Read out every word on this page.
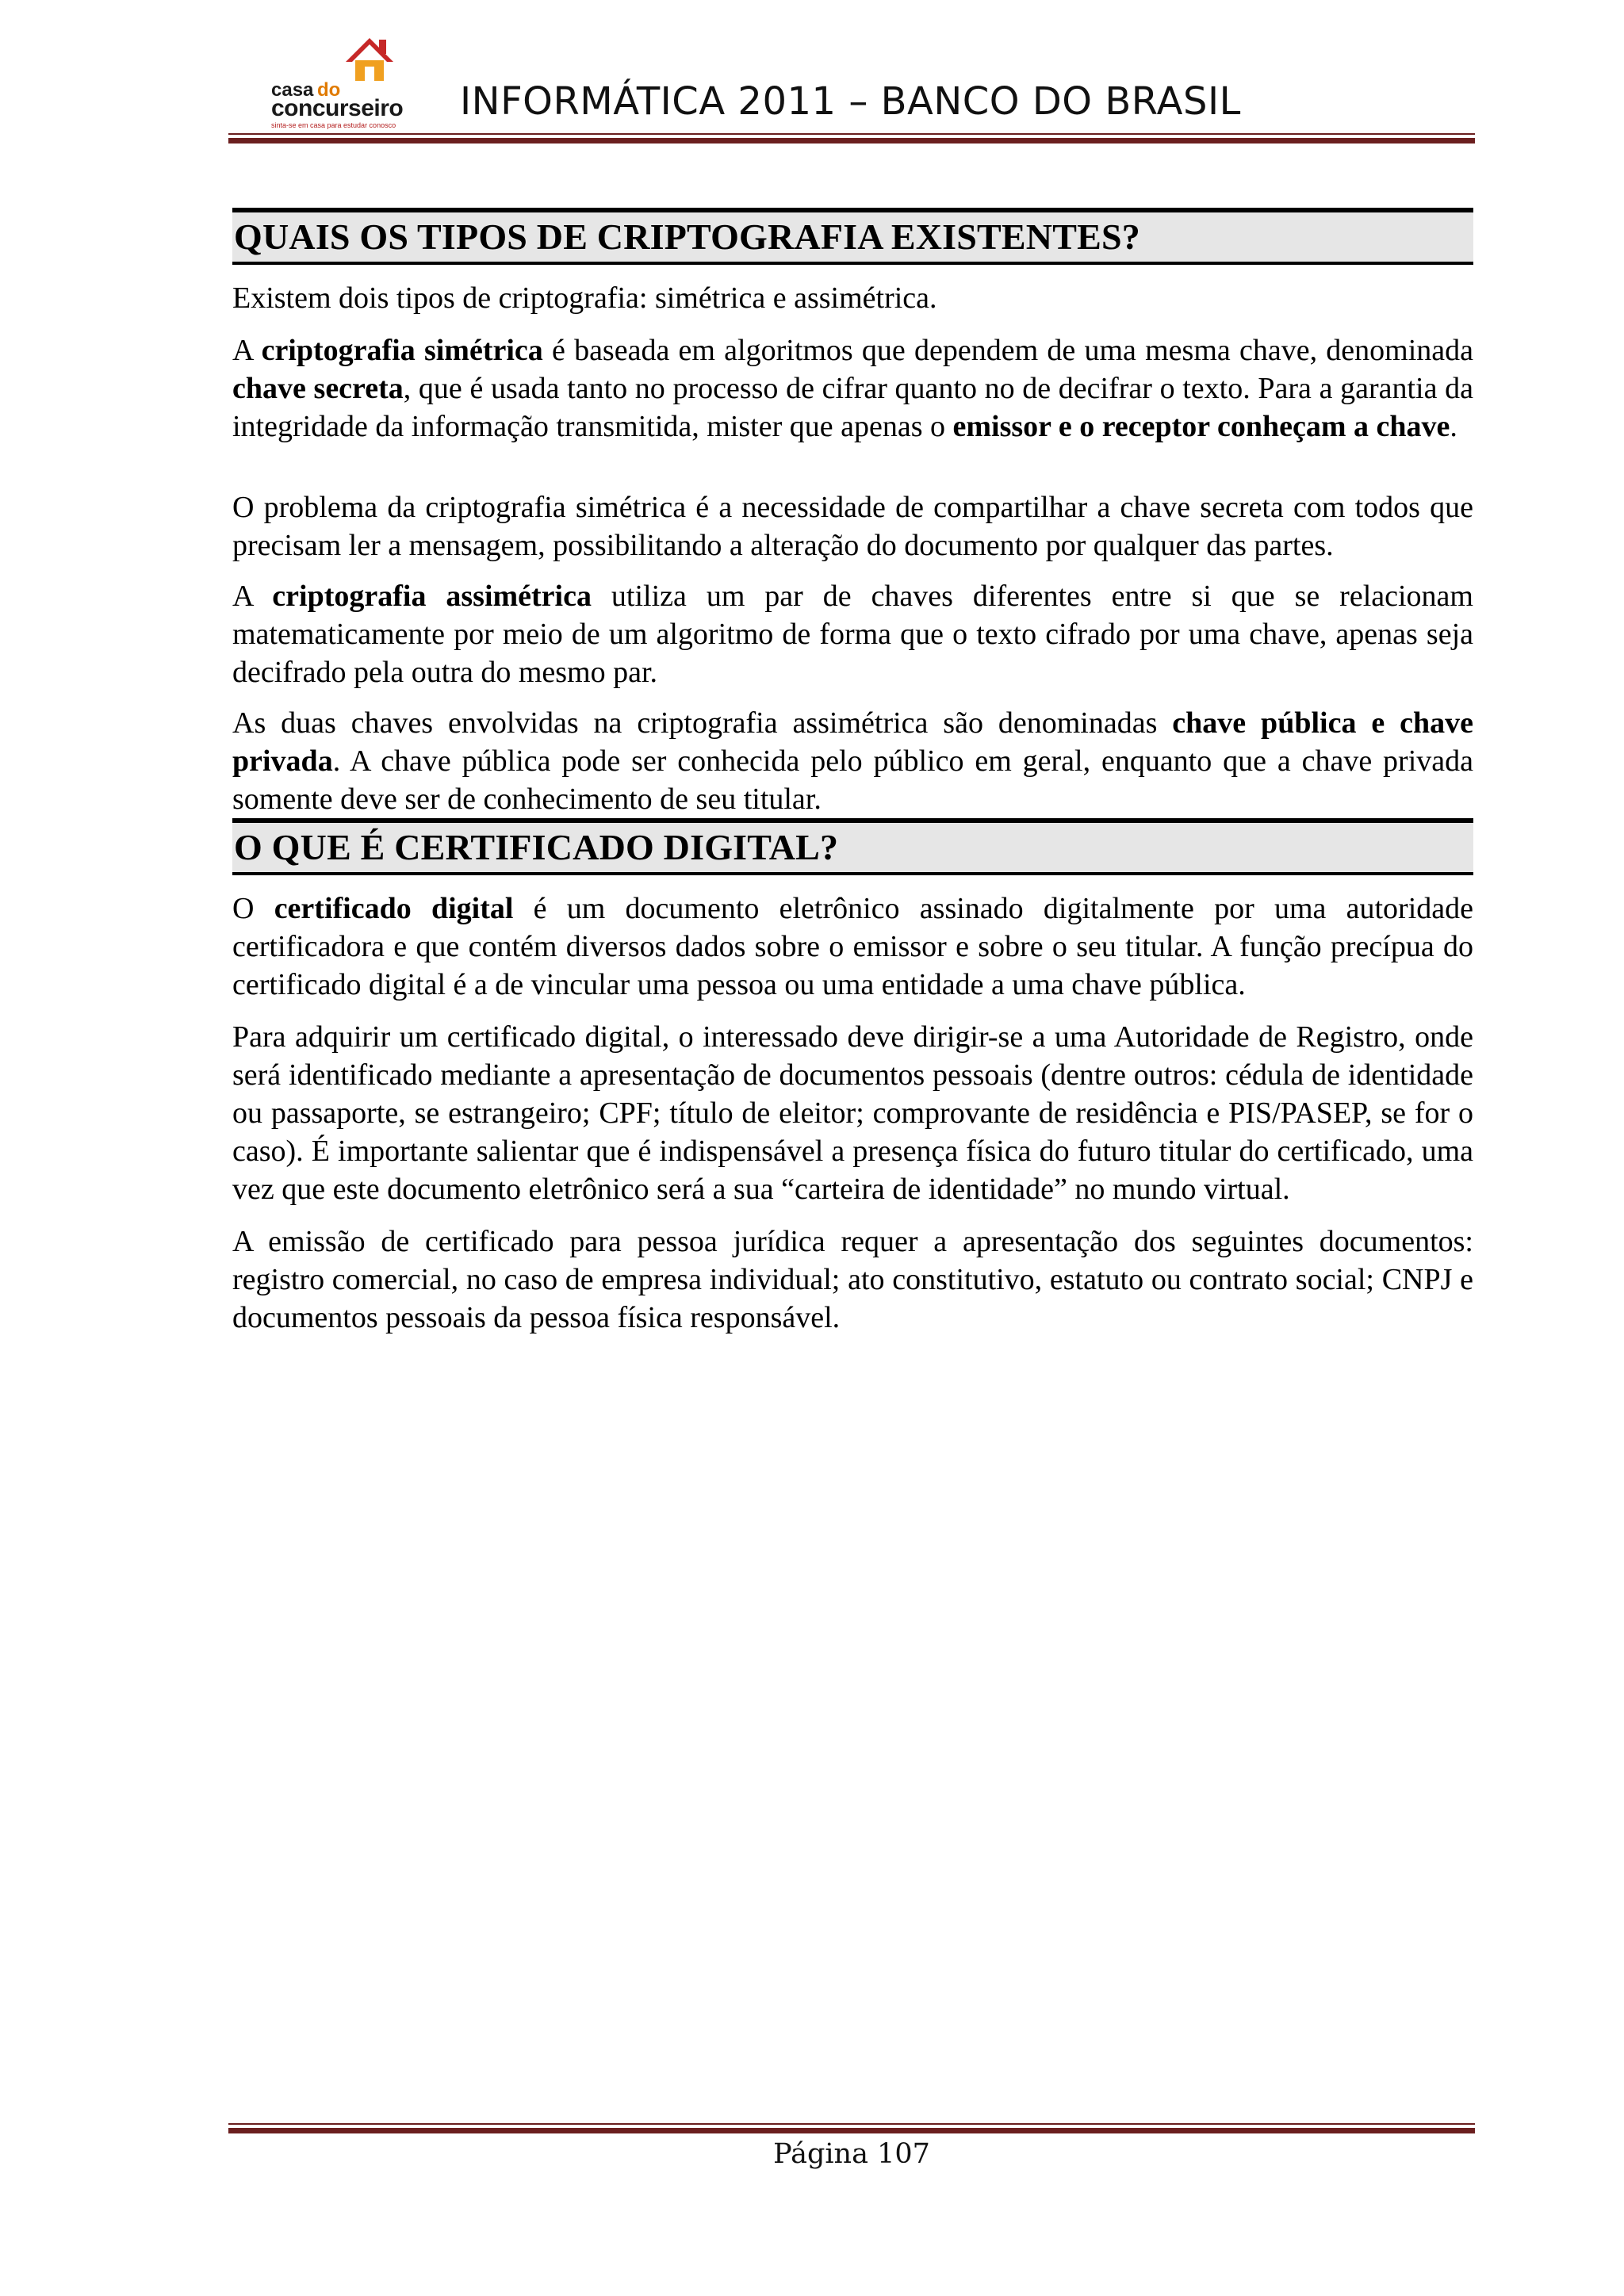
casa do
concurseiro
sinta-se em casa para estudar conosco
INFORMÁTICA 2011 – BANCO DO BRASIL
QUAIS OS TIPOS DE CRIPTOGRAFIA EXISTENTES?

Existem dois tipos de criptografia: simétrica e assimétrica.

A criptografia simétrica é baseada em algoritmos que dependem de uma mesma chave, denominada chave secreta, que é usada tanto no processo de cifrar quanto no de decifrar o texto. Para a garantia da integridade da informação transmitida, mister que apenas o emissor e o receptor conheçam a chave.

O problema da criptografia simétrica é a necessidade de compartilhar a chave secreta com todos que precisam ler a mensagem, possibilitando a alteração do documento por qualquer das partes.

A criptografia assimétrica utiliza um par de chaves diferentes entre si que se relacionam matematicamente por meio de um algoritmo de forma que o texto cifrado por uma chave, apenas seja decifrado pela outra do mesmo par.

As duas chaves envolvidas na criptografia assimétrica são denominadas chave pública e chave privada. A chave pública pode ser conhecida pelo público em geral, enquanto que a chave privada somente deve ser de conhecimento de seu titular.

O QUE É CERTIFICADO DIGITAL?

O certificado digital é um documento eletrônico assinado digitalmente por uma autoridade certificadora e que contém diversos dados sobre o emissor e sobre o seu titular. A função precípua do certificado digital é a de vincular uma pessoa ou uma entidade a uma chave pública.

Para adquirir um certificado digital, o interessado deve dirigir-se a uma Autoridade de Registro, onde será identificado mediante a apresentação de documentos pessoais (dentre outros: cédula de identidade ou passaporte, se estrangeiro; CPF; título de eleitor; comprovante de residência e PIS/PASEP, se for o caso). É importante salientar que é indispensável a presença física do futuro titular do certificado, uma vez que este documento eletrônico será a sua “carteira de identidade” no mundo virtual.

A emissão de certificado para pessoa jurídica requer a apresentação dos seguintes documentos: registro comercial, no caso de empresa individual; ato constitutivo, estatuto ou contrato social; CNPJ e documentos pessoais da pessoa física responsável.

Página 107
